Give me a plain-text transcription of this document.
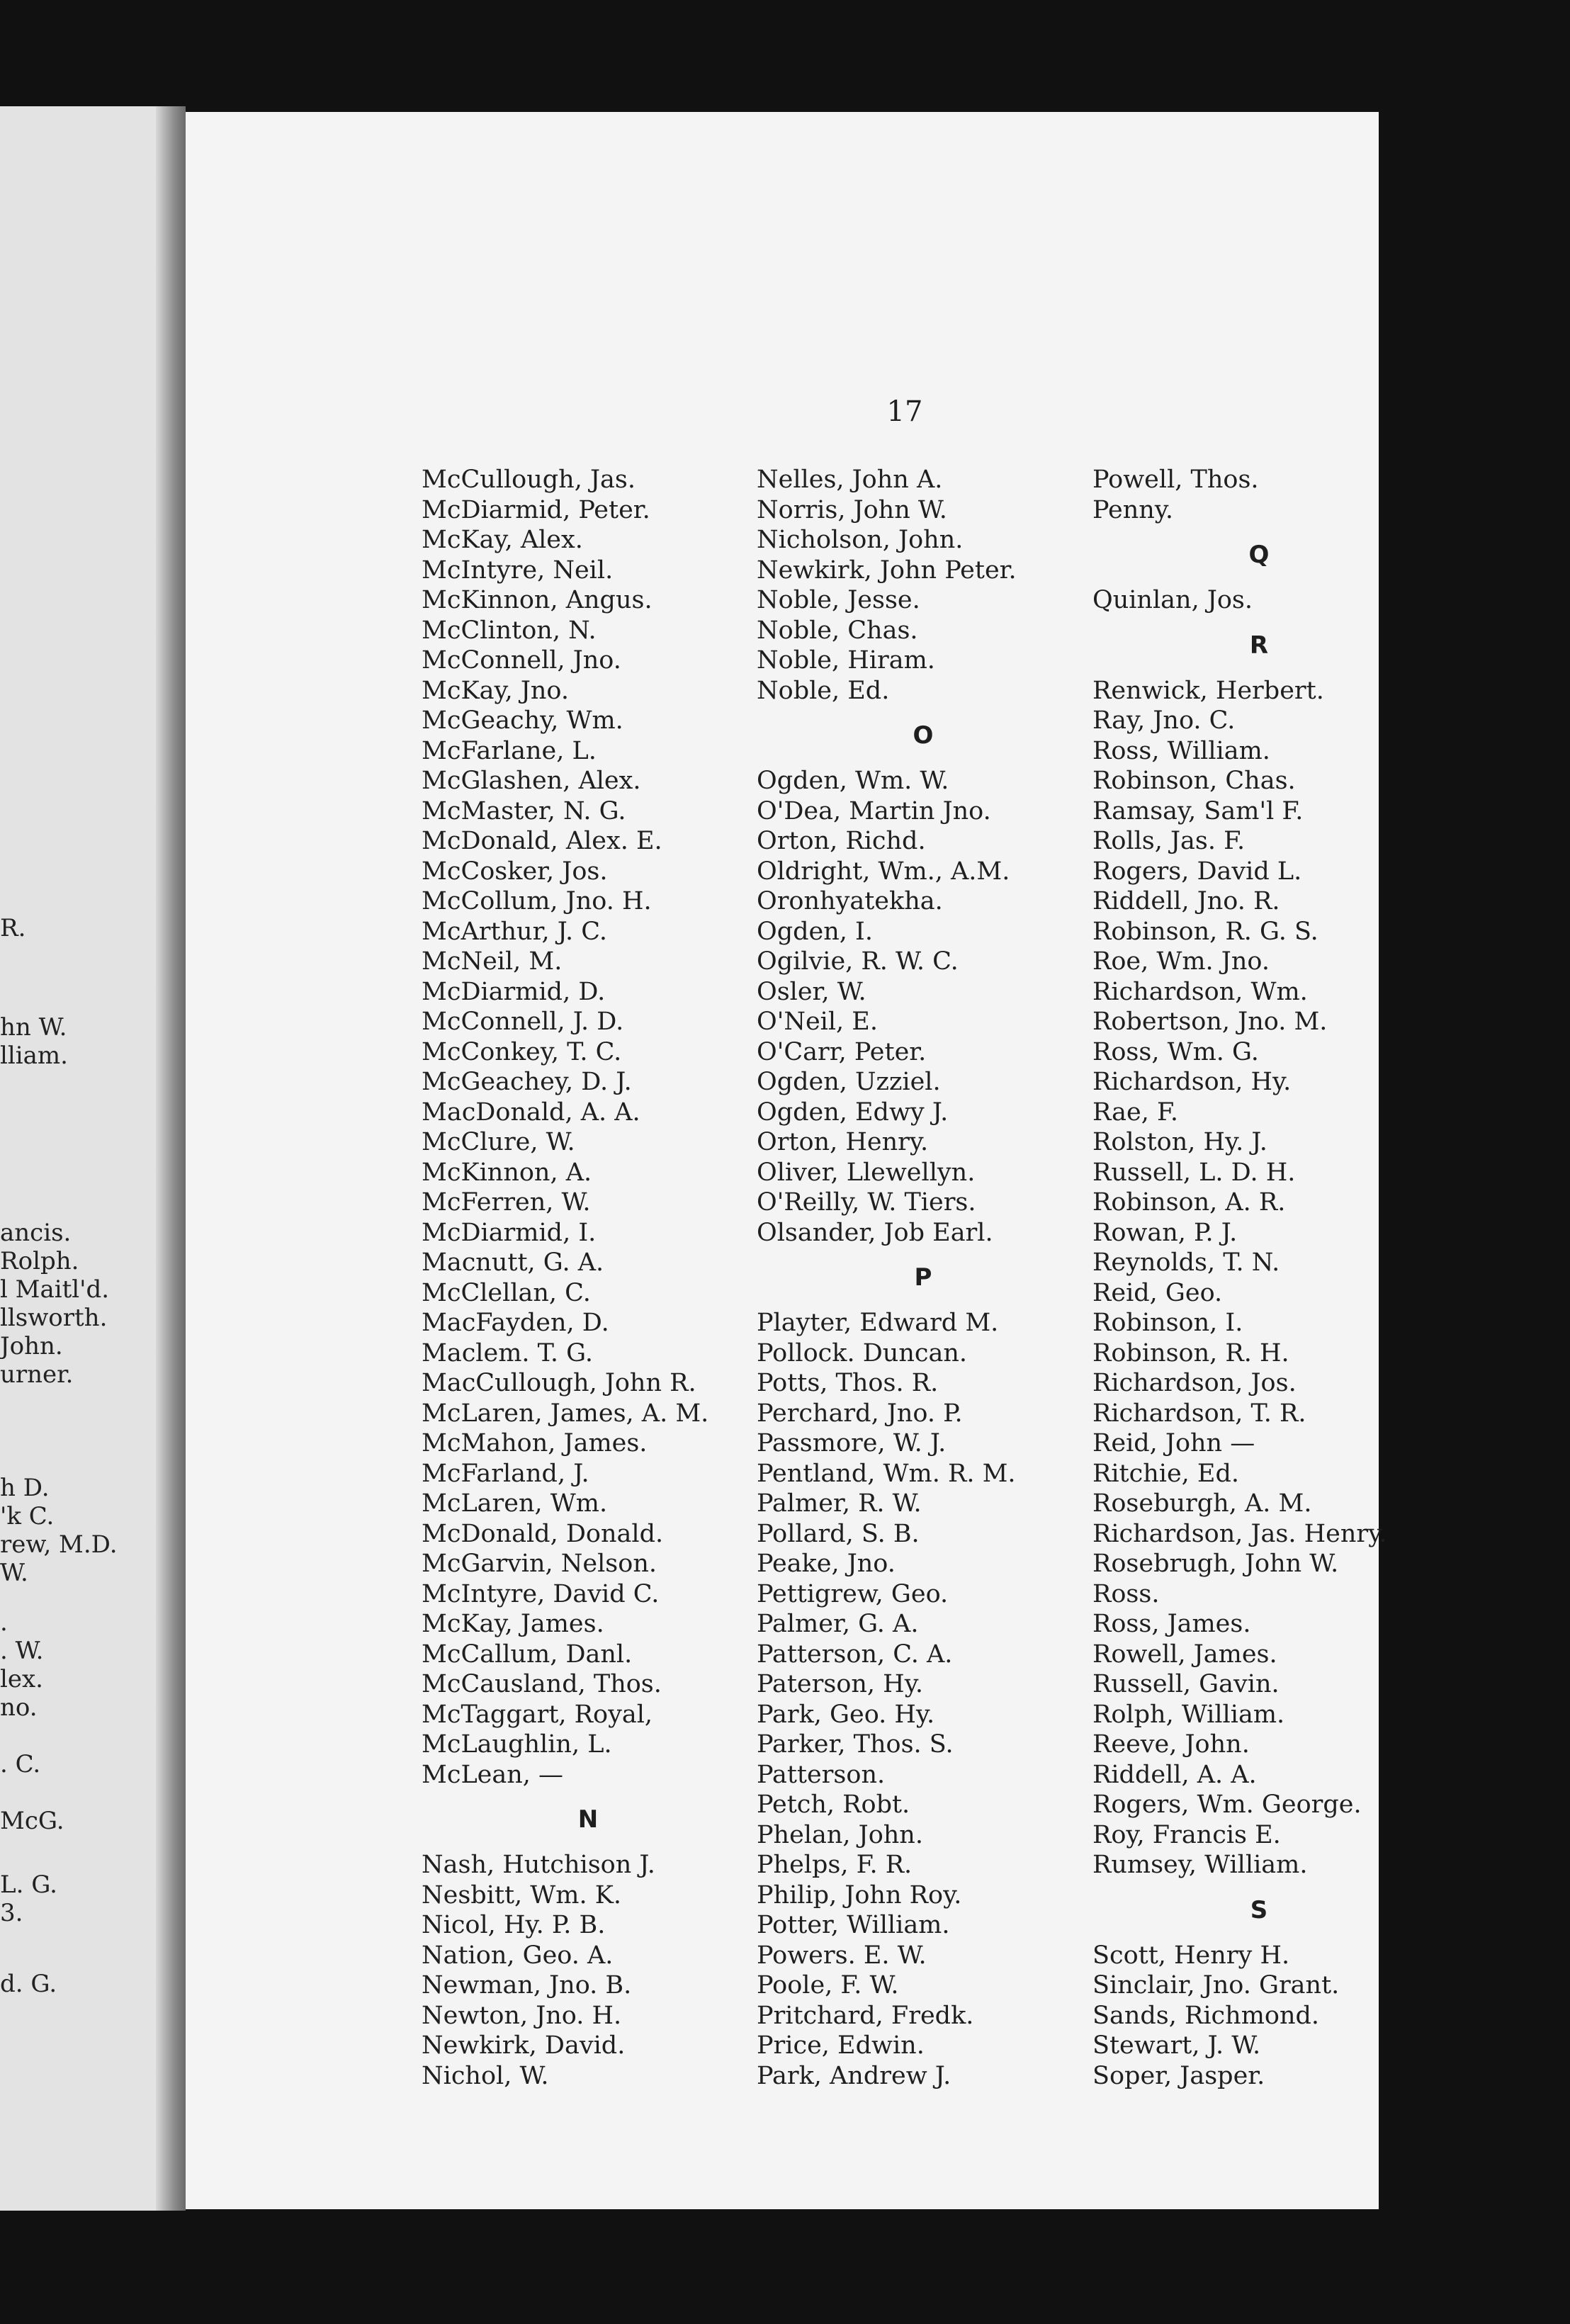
R.
hn W.
lliam.
ancis.
Rolph.
l Maitl'd.
llsworth.
John.
urner.
h D.
'k C.
rew, M.D.
W.
.
. W.
lex.
no.
. C.
McG.
L. G.
3.
d. G.
17
McCullough, Jas.
McDiarmid, Peter.
McKay, Alex.
McIntyre, Neil.
McKinnon, Angus.
McClinton, N.
McConnell, Jno.
McKay, Jno.
McGeachy, Wm.
McFarlane, L.
McGlashen, Alex.
McMaster, N. G.
McDonald, Alex. E.
McCosker, Jos.
McCollum, Jno. H.
McArthur, J. C.
McNeil, M.
McDiarmid, D.
McConnell, J. D.
McConkey, T. C.
McGeachey, D. J.
MacDonald, A. A.
McClure, W.
McKinnon, A.
McFerren, W.
McDiarmid, I.
Macnutt, G. A.
McClellan, C.
MacFayden, D.
Maclem. T. G.
MacCullough, John R.
McLaren, James, A. M.
McMahon, James.
McFarland, J.
McLaren, Wm.
McDonald, Donald.
McGarvin, Nelson.
McIntyre, David C.
McKay, James.
McCallum, Danl.
McCausland, Thos.
McTaggart, Royal,
McLaughlin, L.
McLean, —
N
Nash, Hutchison J.
Nesbitt, Wm. K.
Nicol, Hy. P. B.
Nation, Geo. A.
Newman, Jno. B.
Newton, Jno. H.
Newkirk, David.
Nichol, W.
Nelles, John A.
Norris, John W.
Nicholson, John.
Newkirk, John Peter.
Noble, Jesse.
Noble, Chas.
Noble, Hiram.
Noble, Ed.
O
Ogden, Wm. W.
O'Dea, Martin Jno.
Orton, Richd.
Oldright, Wm., A.M.
Oronhyatekha.
Ogden, I.
Ogilvie, R. W. C.
Osler, W.
O'Neil, E.
O'Carr, Peter.
Ogden, Uzziel.
Ogden, Edwy J.
Orton, Henry.
Oliver, Llewellyn.
O'Reilly, W. Tiers.
Olsander, Job Earl.
P
Playter, Edward M.
Pollock. Duncan.
Potts, Thos. R.
Perchard, Jno. P.
Passmore, W. J.
Pentland, Wm. R. M.
Palmer, R. W.
Pollard, S. B.
Peake, Jno.
Pettigrew, Geo.
Palmer, G. A.
Patterson, C. A.
Paterson, Hy.
Park, Geo. Hy.
Parker, Thos. S.
Patterson.
Petch, Robt.
Phelan, John.
Phelps, F. R.
Philip, John Roy.
Potter, William.
Powers. E. W.
Poole, F. W.
Pritchard, Fredk.
Price, Edwin.
Park, Andrew J.
Powell, Thos.
Penny.
Q
Quinlan, Jos.
R
Renwick, Herbert.
Ray, Jno. C.
Ross, William.
Robinson, Chas.
Ramsay, Sam'l F.
Rolls, Jas. F.
Rogers, David L.
Riddell, Jno. R.
Robinson, R. G. S.
Roe, Wm. Jno.
Richardson, Wm.
Robertson, Jno. M.
Ross, Wm. G.
Richardson, Hy.
Rae, F.
Rolston, Hy. J.
Russell, L. D. H.
Robinson, A. R.
Rowan, P. J.
Reynolds, T. N.
Reid, Geo.
Robinson, I.
Robinson, R. H.
Richardson, Jos.
Richardson, T. R.
Reid, John —
Ritchie, Ed.
Roseburgh, A. M.
Richardson, Jas. Henry.
Rosebrugh, John W.
Ross.
Ross, James.
Rowell, James.
Russell, Gavin.
Rolph, William.
Reeve, John.
Riddell, A. A.
Rogers, Wm. George.
Roy, Francis E.
Rumsey, William.
S
Scott, Henry H.
Sinclair, Jno. Grant.
Sands, Richmond.
Stewart, J. W.
Soper, Jasper.
